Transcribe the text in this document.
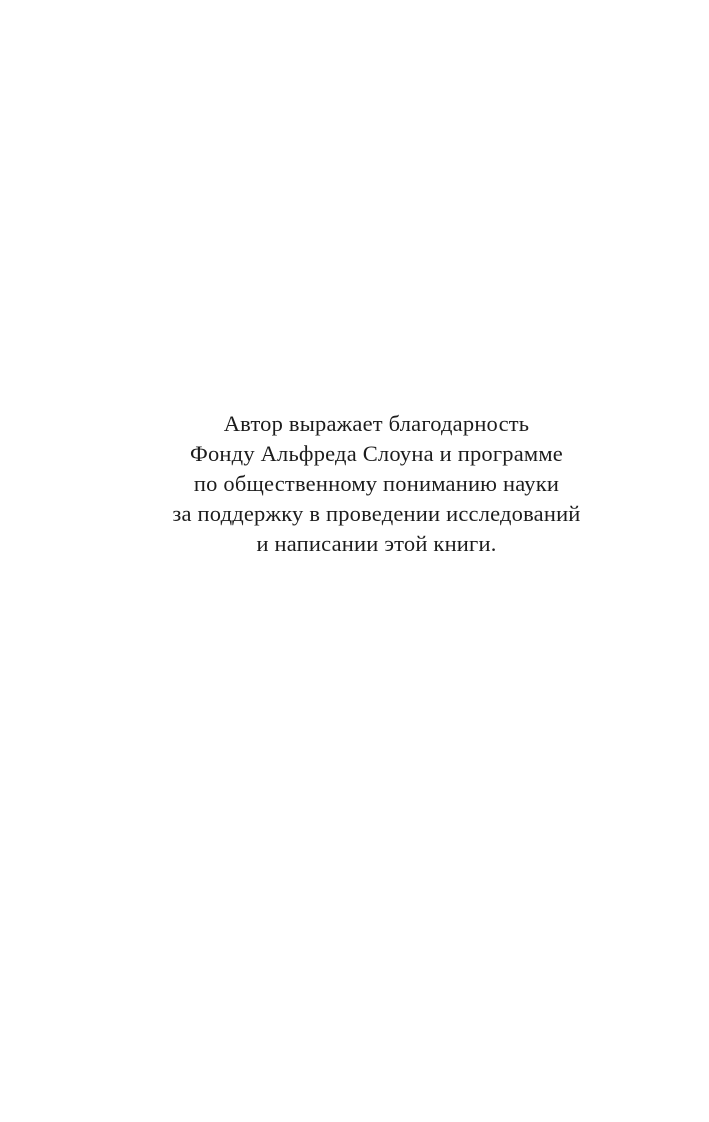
Автор выражает благодарность
Фонду Альфреда Слоуна и программе
по общественному пониманию науки
за поддержку в проведении исследований
и написании этой книги.
